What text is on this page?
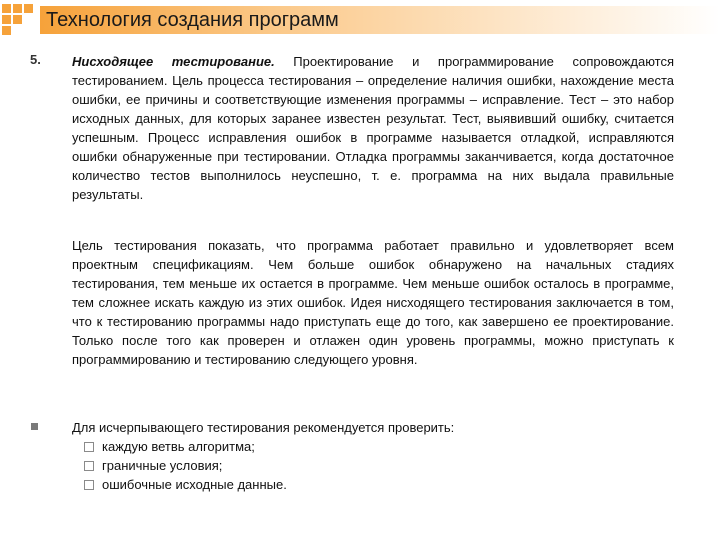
Технология создания программ
5. Нисходящее тестирование. Проектирование и программирование сопровождаются тестированием. Цель процесса тестирования – определение наличия ошибки, нахождение места ошибки, ее причины и соответствующие изменения программы – исправление. Тест – это набор исходных данных, для которых заранее известен результат. Тест, выявивший ошибку, считается успешным. Процесс исправления ошибок в программе называется отладкой, исправляются ошибки обнаруженные при тестировании. Отладка программы заканчивается, когда достаточное количество тестов выполнилось неуспешно, т. е. программа на них выдала правильные результаты.
Цель тестирования показать, что программа работает правильно и удовлетворяет всем проектным спецификациям. Чем больше ошибок обнаружено на начальных стадиях тестирования, тем меньше их остается в программе. Чем меньше ошибок осталось в программе, тем сложнее искать каждую из этих ошибок. Идея нисходящего тестирования заключается в том, что к тестированию программы надо приступать еще до того, как завершено ее проектирование. Только после того как проверен и отлажен один уровень программы, можно приступать к программированию и тестированию следующего уровня.
Для исчерпывающего тестирования рекомендуется проверить:
каждую ветвь алгоритма;
граничные условия;
ошибочные исходные данные.
